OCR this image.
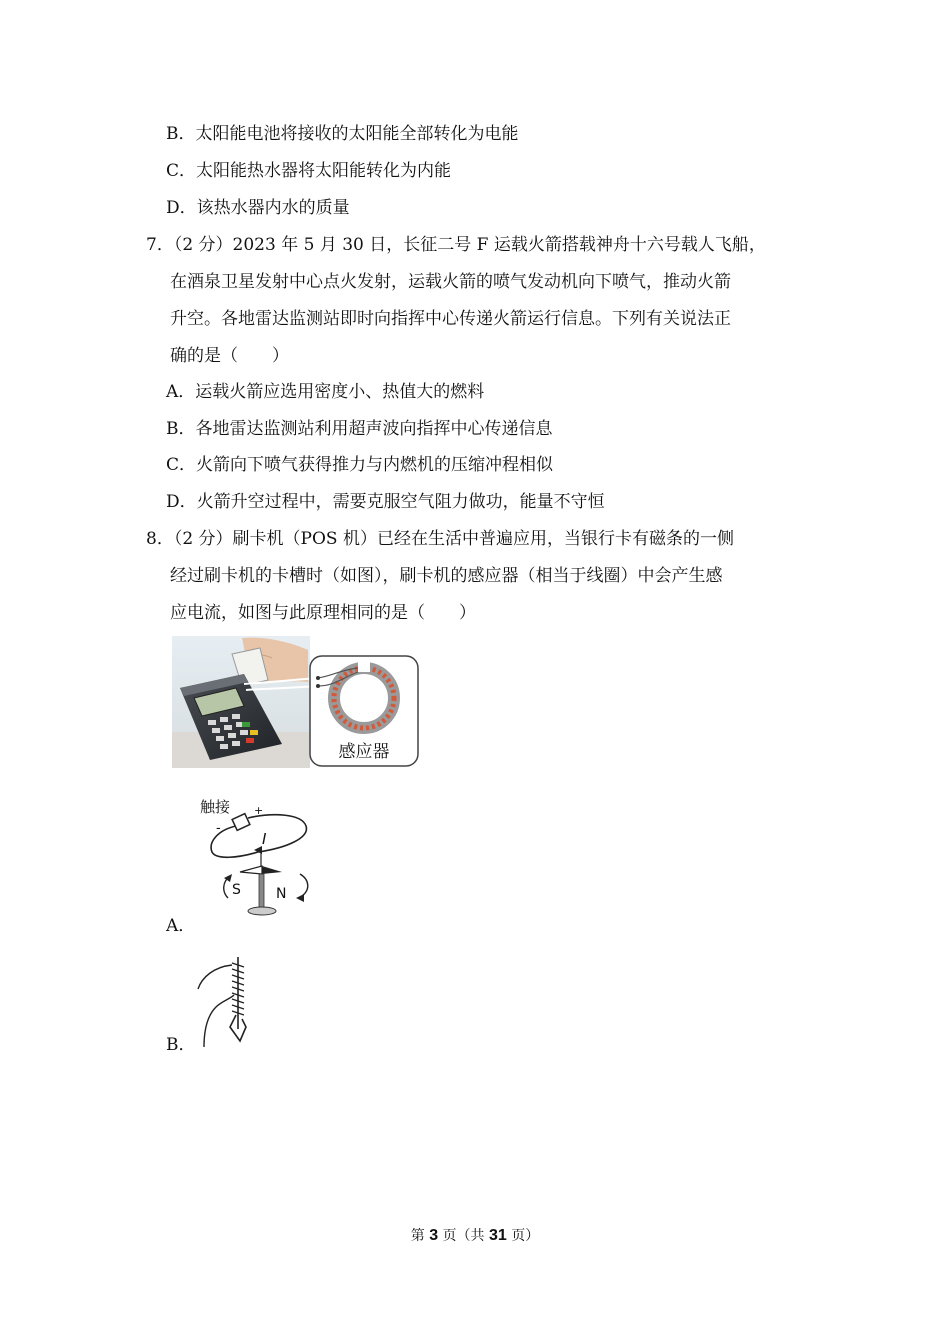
B．太阳能电池将接收的太阳能全部转化为电能
C．太阳能热水器将太阳能转化为内能
D．该热水器内水的质量
7．（2 分）2023 年 5 月 30 日，长征二号 F 运载火箭搭载神舟十六号载人飞船，
在酒泉卫星发射中心点火发射，运载火箭的喷气发动机向下喷气，推动火箭
升空。各地雷达监测站即时向指挥中心传递火箭运行信息。下列有关说法正
确的是（　　）
A．运载火箭应选用密度小、热值大的燃料
B．各地雷达监测站利用超声波向指挥中心传递信息
C．火箭向下喷气获得推力与内燃机的压缩冲程相似
D．火箭升空过程中，需要克服空气阻力做功，能量不守恒
8．（2 分）刷卡机（POS 机）已经在生活中普遍应用，当银行卡有磁条的一侧
经过刷卡机的卡槽时（如图），刷卡机的感应器（相当于线圈）中会产生感
应电流，如图与此原理相同的是（　　）
感应器
触接 +
-
I
S	N
A．
B．
第 3 页（共 31 页）
